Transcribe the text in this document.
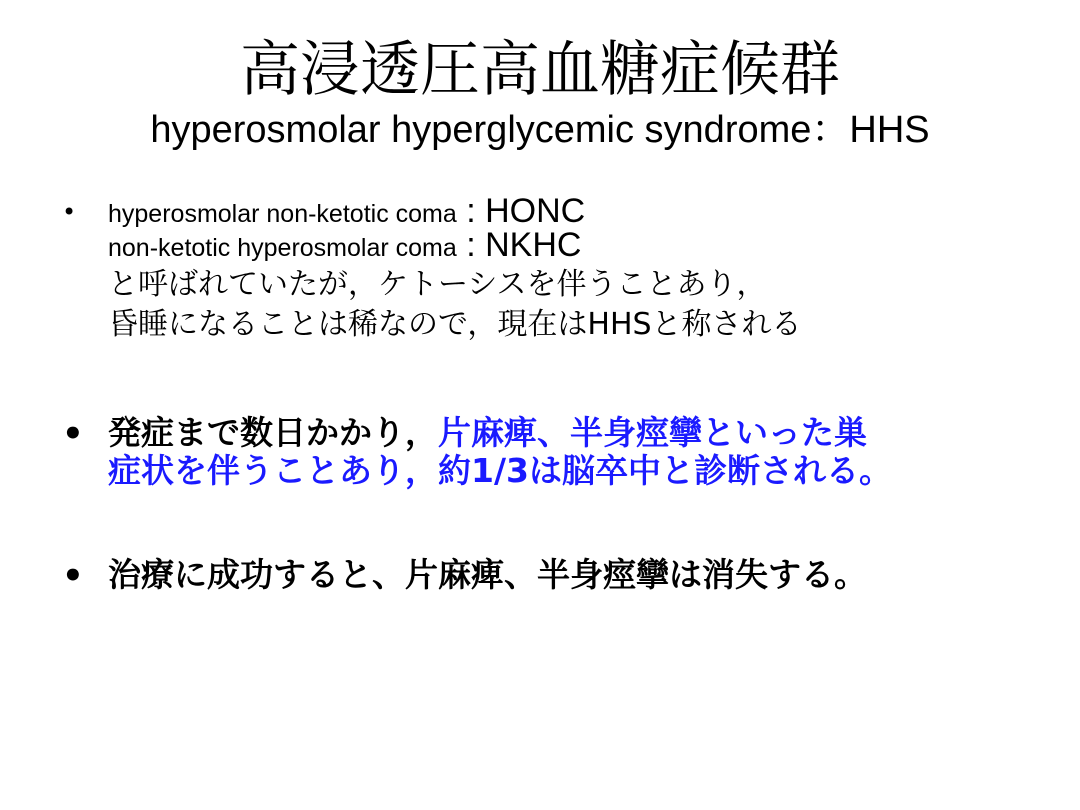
高浸透圧高血糖症候群
hyperosmolar hyperglycemic syndrome：HHS
•	hyperosmolar non-ketotic coma : HONC
non-ketotic hyperosmolar coma : NKHC
と呼ばれていたが，ケトーシスを伴うことあり，
昏睡になることは稀なので，現在はHHSと称される
• 発症まで数日かかり，片麻痺、半身痙攣といった巣
症状を伴うことあり，約1/3は脳卒中と診断される。
• 治療に成功すると、片麻痺、半身痙攣は消失する。
